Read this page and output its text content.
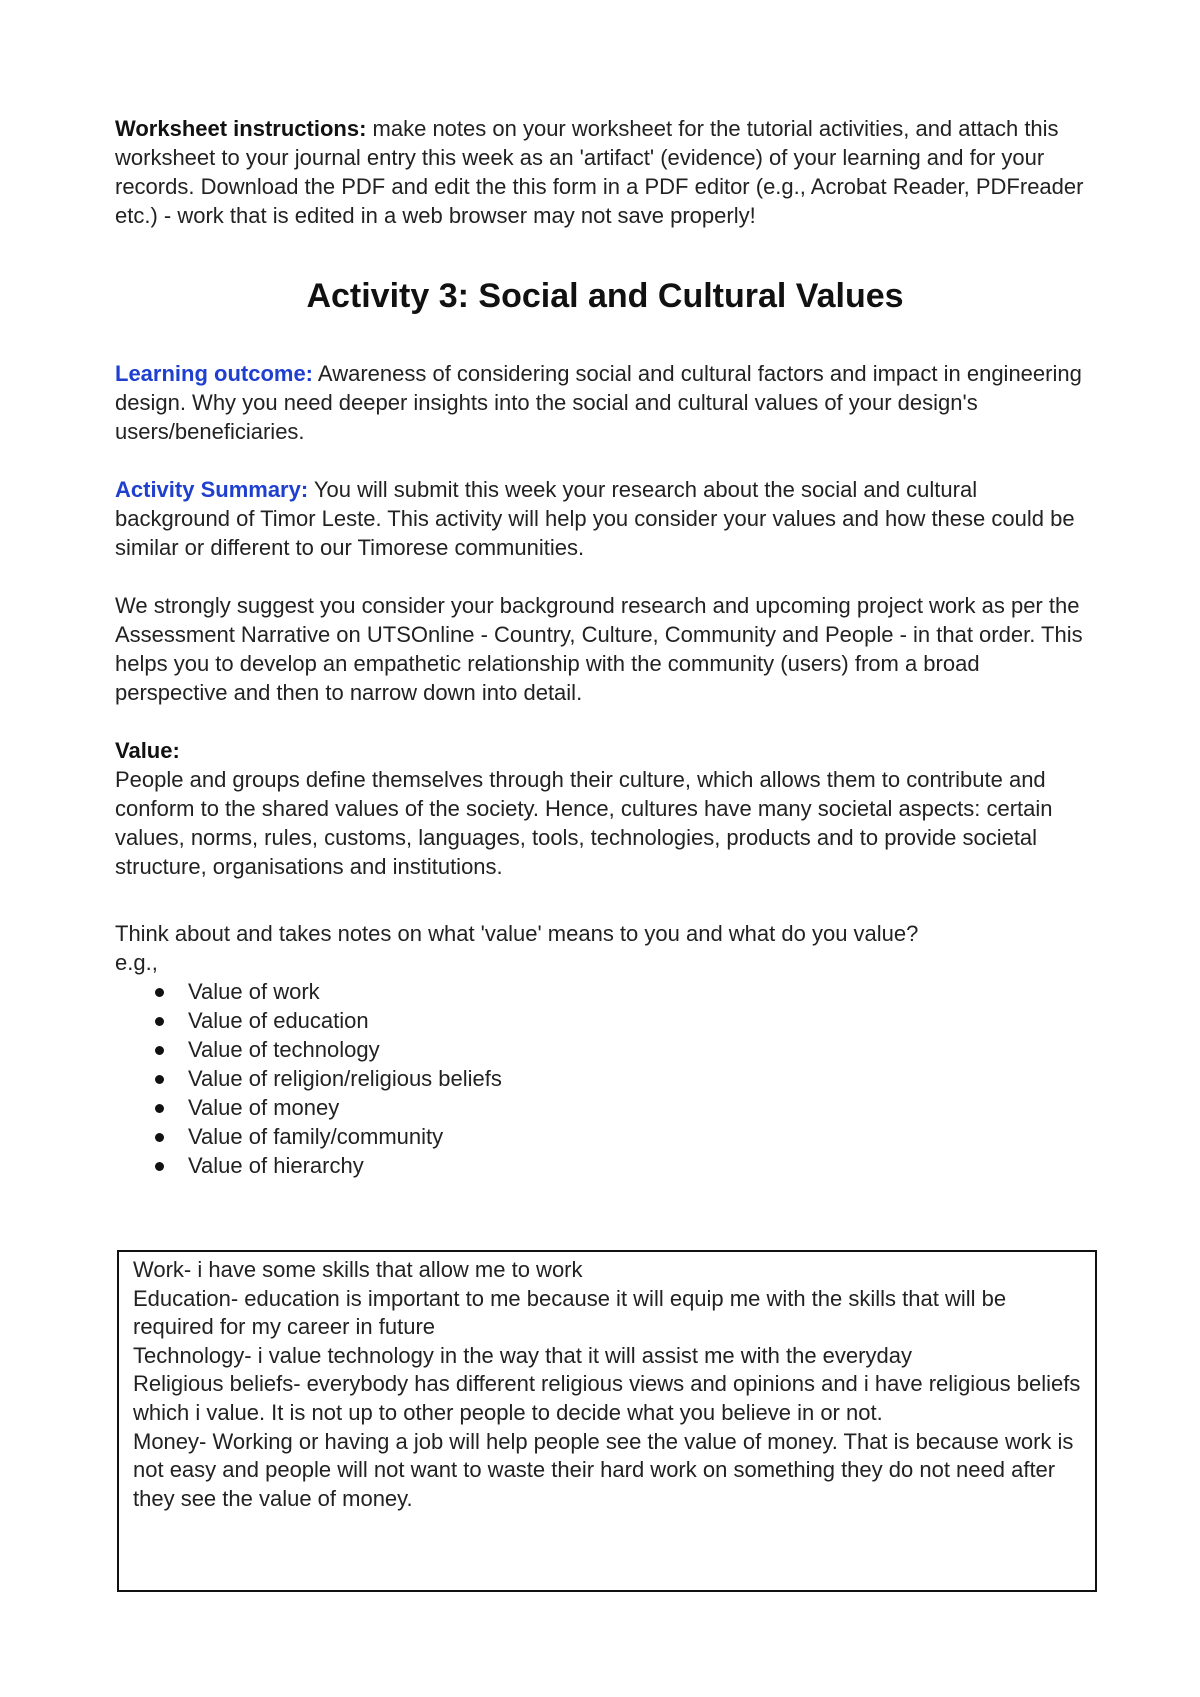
Worksheet instructions: make notes on your worksheet for the tutorial activities, and attach this worksheet to your journal entry this week as an 'artifact' (evidence) of your learning and for your records. Download the PDF and edit the this form in a PDF editor (e.g., Acrobat Reader, PDFreader etc.) - work that is edited in a web browser may not save properly!

Activity 3: Social and Cultural Values

Learning outcome: Awareness of considering social and cultural factors and impact in engineering design. Why you need deeper insights into the social and cultural values of your design's users/beneficiaries.

Activity Summary: You will submit this week your research about the social and cultural background of Timor Leste. This activity will help you consider your values and how these could be similar or different to our Timorese communities.

We strongly suggest you consider your background research and upcoming project work as per the Assessment Narrative on UTSOnline - Country, Culture, Community and People - in that order. This helps you to develop an empathetic relationship with the community (users) from a broad perspective and then to narrow down into detail.

Value:

People and groups define themselves through their culture, which allows them to contribute and conform to the shared values of the society. Hence, cultures have many societal aspects: certain values, norms, rules, customs, languages, tools, technologies, products and to provide societal structure, organisations and institutions.

Think about and takes notes on what 'value' means to you and what do you value?

e.g.,

Value of work
Value of education
Value of technology
Value of religion/religious beliefs
Value of money
Value of family/community
Value of hierarchy

Work- i have some skills that allow me to work

Education- education is important to me because it will equip me with the skills that will be required for my career in future

Technology- i value technology in the way that it will assist me with the everyday

Religious beliefs- everybody has different religious views and opinions and i have religious beliefs which i value. It is not up to other people to decide what you believe in or not.

Money- Working or having a job will help people see the value of money. That is because work is not easy and people will not want to waste their hard work on something they do not need after they see the value of money.
